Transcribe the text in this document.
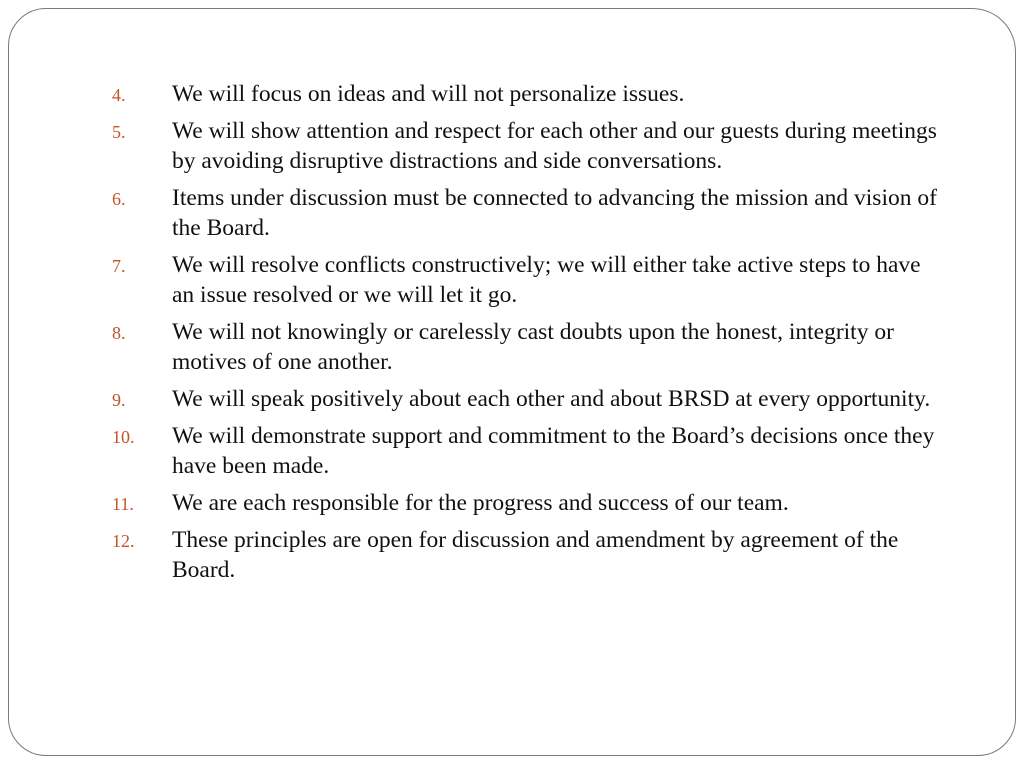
4. We will focus on ideas and will not personalize issues.
5. We will show attention and respect for each other and our guests during meetings by avoiding disruptive distractions and side conversations.
6. Items under discussion must be connected to advancing the mission and vision of the Board.
7. We will resolve conflicts constructively; we will either take active steps to have an issue resolved or we will let it go.
8. We will not knowingly or carelessly cast doubts upon the honest, integrity or motives of one another.
9. We will speak positively about each other and about BRSD at every opportunity.
10. We will demonstrate support and commitment to the Board’s decisions once they have been made.
11. We are each responsible for the progress and success of our team.
12. These principles are open for discussion and amendment by agreement of the Board.
